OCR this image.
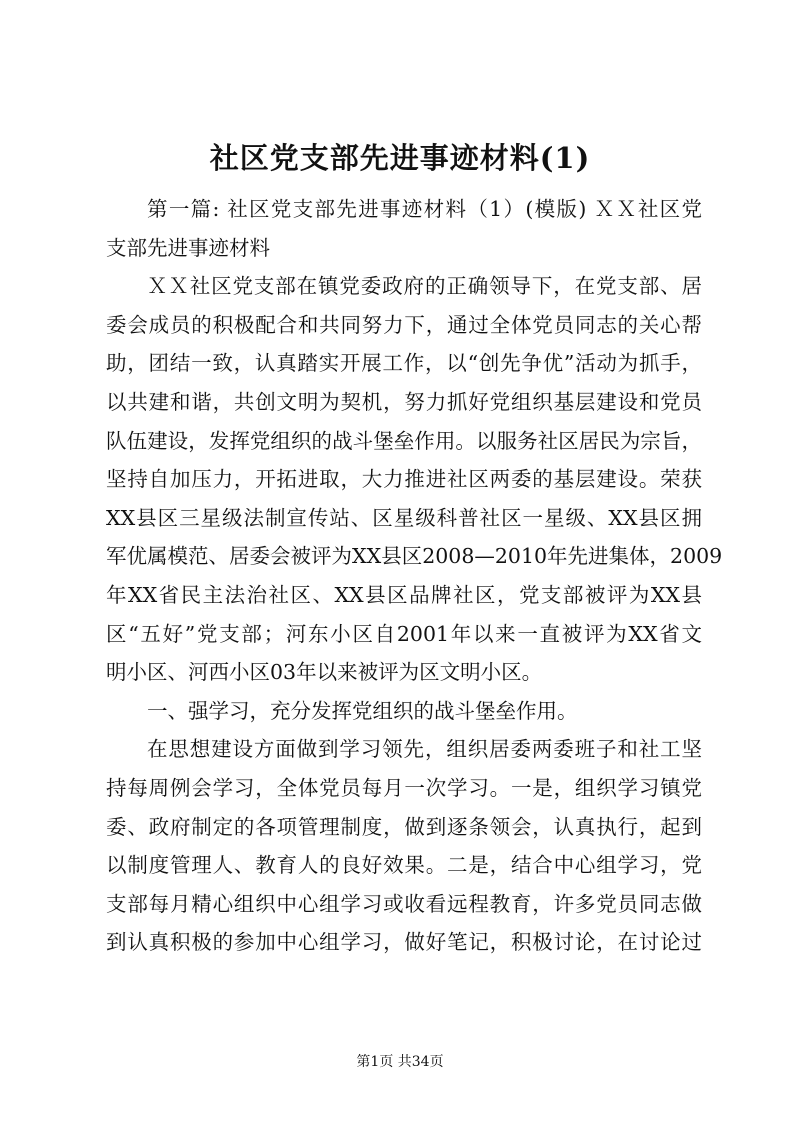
社区党支部先进事迹材料(1)
第一篇: 社区党支部先进事迹材料（1）(模版) ＸＸ社区党
支部先进事迹材料
ＸＸ社区党支部在镇党委政府的正确领导下，在党支部、居
委会成员的积极配合和共同努力下，通过全体党员同志的关心帮
助，团结一致，认真踏实开展工作，以“创先争优”活动为抓手，
以共建和谐，共创文明为契机，努力抓好党组织基层建设和党员
队伍建设，发挥党组织的战斗堡垒作用。以服务社区居民为宗旨，
坚持自加压力，开拓进取，大力推进社区两委的基层建设。荣获
XX县区三星级法制宣传站、区星级科普社区一星级、XX县区拥
军优属模范、居委会被评为XX县区2008—2010年先进集体，2009
年XX省民主法治社区、XX县区品牌社区，党支部被评为XX县
区“五好”党支部；河东小区自2001年以来一直被评为XX省文
明小区、河西小区03年以来被评为区文明小区。
一、强学习，充分发挥党组织的战斗堡垒作用。
在思想建设方面做到学习领先，组织居委两委班子和社工坚
持每周例会学习，全体党员每月一次学习。一是，组织学习镇党
委、政府制定的各项管理制度，做到逐条领会，认真执行，起到
以制度管理人、教育人的良好效果。二是，结合中心组学习，党
支部每月精心组织中心组学习或收看远程教育，许多党员同志做
到认真积极的参加中心组学习，做好笔记，积极讨论，在讨论过
第1页 共34页
